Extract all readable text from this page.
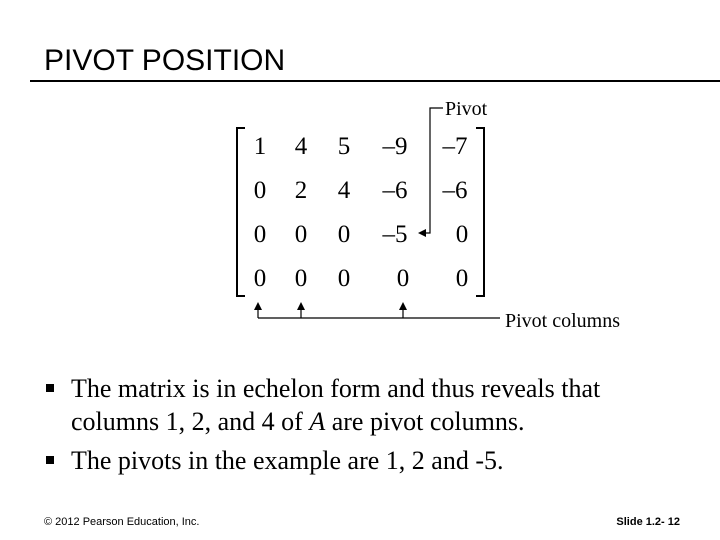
PIVOT POSITION
1 4 5 –9 –7
0 2 4 –6 –6
0 0 0 –5 0
0 0 0 0 0
Pivot
Pivot columns
The matrix is in echelon form and thus reveals that columns 1, 2, and 4 of A are pivot columns.
The pivots in the example are 1, 2 and -5.
© 2012 Pearson Education, Inc.	Slide 1.2- 12
